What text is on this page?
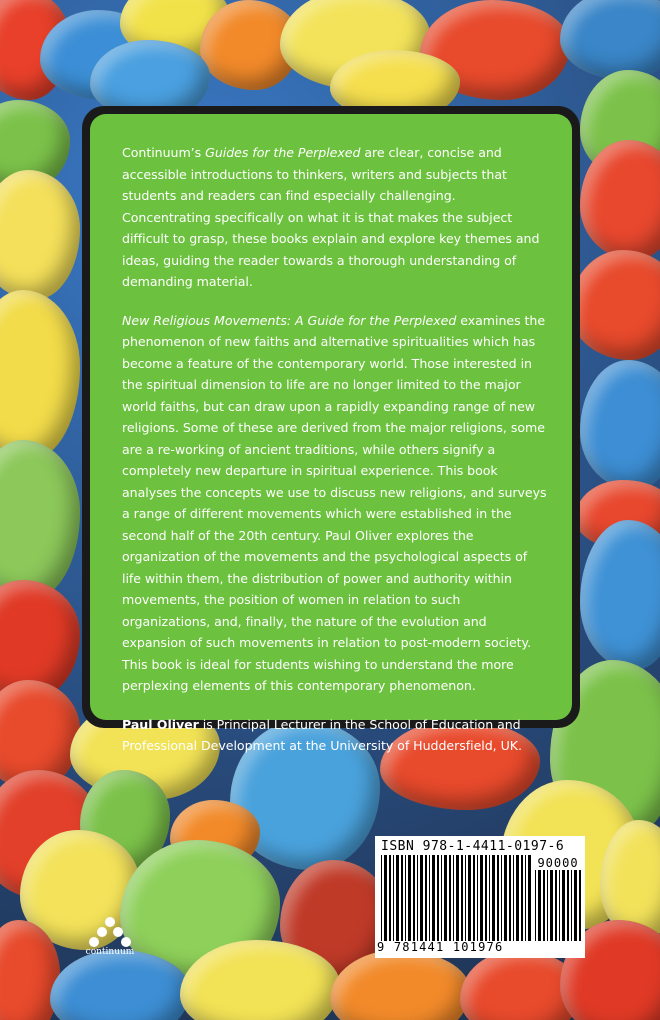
Continuum’s Guides for the Perplexed are clear, concise and accessible introductions to thinkers, writers and subjects that students and readers can find especially challenging. Concentrating specifically on what it is that makes the subject difficult to grasp, these books explain and explore key themes and ideas, guiding the reader towards a thorough understanding of demanding material.

New Religious Movements: A Guide for the Perplexed examines the phenomenon of new faiths and alternative spiritualities which has become a feature of the contemporary world. Those interested in the spiritual dimension to life are no longer limited to the major world faiths, but can draw upon a rapidly expanding range of new religions. Some of these are derived from the major religions, some are a re-working of ancient traditions, while others signify a completely new departure in spiritual experience. This book analyses the concepts we use to discuss new religions, and surveys a range of different movements which were established in the second half of the 20th century. Paul Oliver explores the organization of the movements and the psychological aspects of life within them, the distribution of power and authority within movements, the position of women in relation to such organizations, and, finally, the nature of the evolution and expansion of such movements in relation to post-modern society. This book is ideal for students wishing to understand the more perplexing elements of this contemporary phenomenon.

Paul Oliver is Principal Lecturer in the School of Education and Professional Development at the University of Huddersfield, UK.

ISBN 978-1-4411-0197-6
90000
9 781441 101976
continuum
